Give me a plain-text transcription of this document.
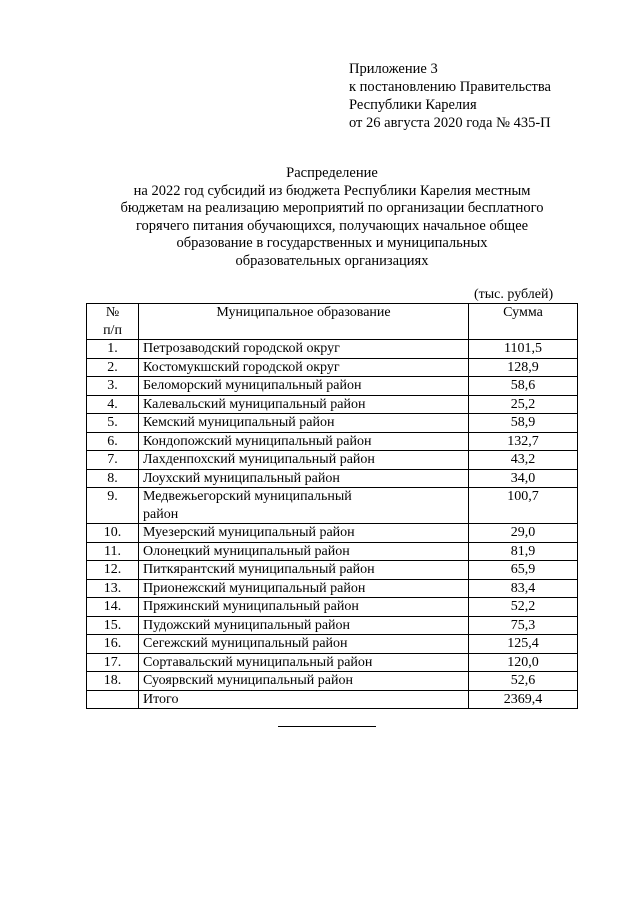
Приложение 3
к постановлению Правительства
Республики Карелия
от 26 августа 2020 года № 435-П
Распределение
на 2022 год субсидий из бюджета Республики Карелия местным
бюджетам на реализацию мероприятий по организации бесплатного
горячего питания обучающихся, получающих начальное общее
образование в государственных и муниципальных
образовательных организациях
(тыс. рублей)
№
п/п	Муниципальное образование	Сумма
1.	Петрозаводский городской округ	1101,5
2.	Костомукшский городской округ	128,9
3.	Беломорский муниципальный район	58,6
4.	Калевальский муниципальный район	25,2
5.	Кемский муниципальный район	58,9
6.	Кондопожский муниципальный район	132,7
7.	Лахденпохский муниципальный район	43,2
8.	Лоухский муниципальный район	34,0
9.	Медвежьегорский муниципальный
район	100,7
10.	Муезерский муниципальный район	29,0
11.	Олонецкий муниципальный район	81,9
12.	Питкярантский муниципальный район	65,9
13.	Прионежский муниципальный район	83,4
14.	Пряжинский муниципальный район	52,2
15.	Пудожский муниципальный район	75,3
16.	Сегежский муниципальный район	125,4
17.	Сортавальский муниципальный район	120,0
18.	Суоярвский муниципальный район	52,6
	Итого	2369,4
